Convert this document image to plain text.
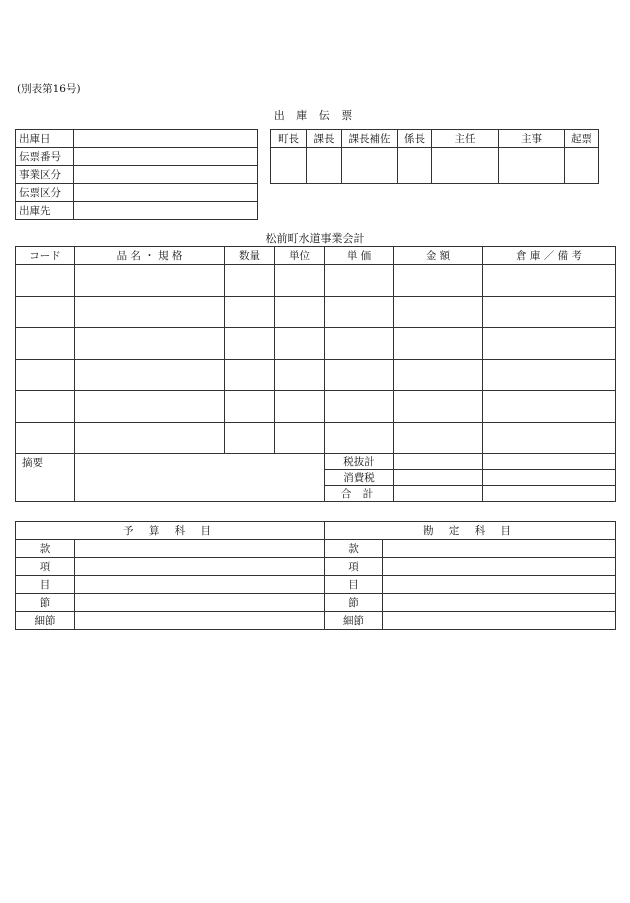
(別表第16号)
出 庫 伝 票
出庫日	
伝票番号	
事業区分	
伝票区分	
出庫先	
町長	課長	課長補佐	係長	主任	主事	起票

松前町水道事業会計
コード	品 名 ・ 規 格	数量	単位	単 価	金 額	倉 庫 ／ 備 考

摘要				税抜計		
				消費税		
				合 計		
予 算 科 目		勘 定 科 目	
款		款	
項		項	
目		目	
節		節	
細節		細節	
